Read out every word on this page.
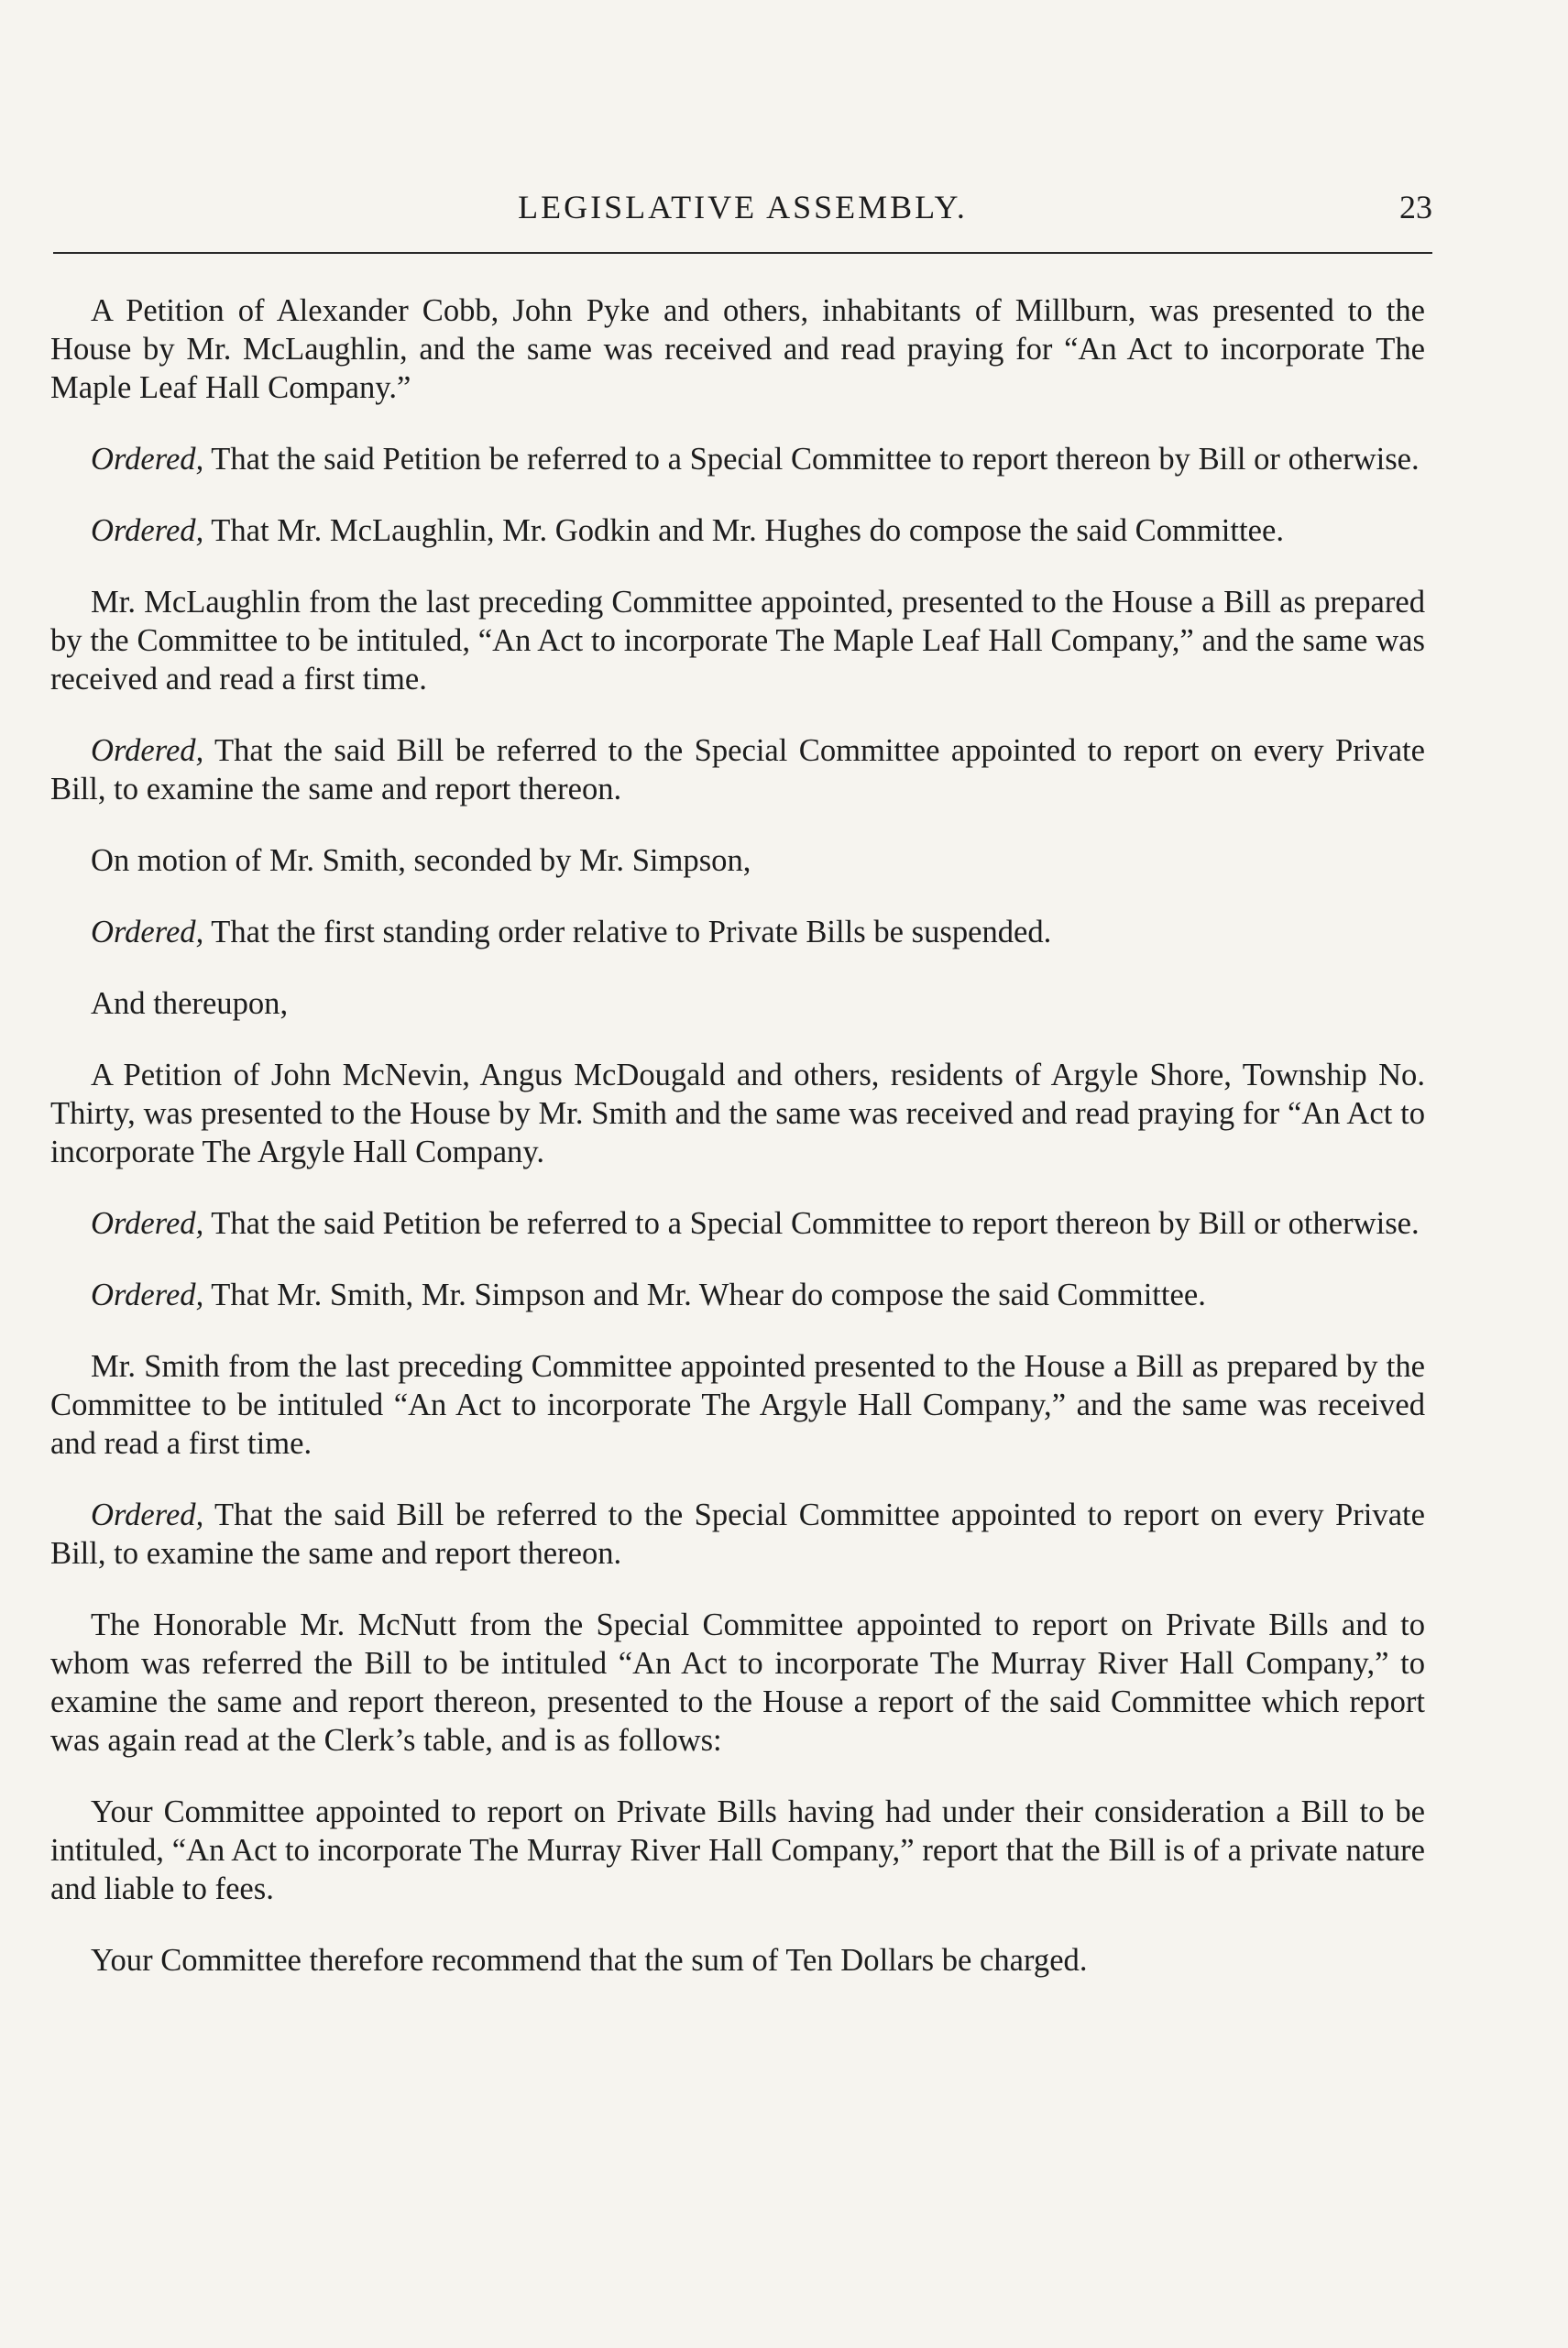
LEGISLATIVE ASSEMBLY.	23

A Petition of Alexander Cobb, John Pyke and others, inhabitants of Millburn, was presented to the House by Mr. McLaughlin, and the same was received and read praying for “An Act to incorporate The Maple Leaf Hall Company.”

Ordered, That the said Petition be referred to a Special Committee to report thereon by Bill or otherwise.

Ordered, That Mr. McLaughlin, Mr. Godkin and Mr. Hughes do compose the said Committee.

Mr. McLaughlin from the last preceding Committee appointed, presented to the House a Bill as prepared by the Committee to be intituled, “An Act to incorporate The Maple Leaf Hall Company,” and the same was received and read a first time.

Ordered, That the said Bill be referred to the Special Committee appointed to report on every Private Bill, to examine the same and report thereon.

On motion of Mr. Smith, seconded by Mr. Simpson,

Ordered, That the first standing order relative to Private Bills be suspended.

And thereupon,

A Petition of John McNevin, Angus McDougald and others, residents of Argyle Shore, Township No. Thirty, was presented to the House by Mr. Smith and the same was received and read praying for “An Act to incorporate The Argyle Hall Company.

Ordered, That the said Petition be referred to a Special Committee to report thereon by Bill or otherwise.

Ordered, That Mr. Smith, Mr. Simpson and Mr. Whear do compose the said Committee.

Mr. Smith from the last preceding Committee appointed presented to the House a Bill as prepared by the Committee to be intituled “An Act to incorporate The Argyle Hall Company,” and the same was received and read a first time.

Ordered, That the said Bill be referred to the Special Committee appointed to report on every Private Bill, to examine the same and report thereon.

The Honorable Mr. McNutt from the Special Committee appointed to report on Private Bills and to whom was referred the Bill to be intituled “An Act to incorporate The Murray River Hall Company,” to examine the same and report thereon, presented to the House a report of the said Committee which report was again read at the Clerk’s table, and is as follows:

Your Committee appointed to report on Private Bills having had under their consideration a Bill to be intituled, “An Act to incorporate The Murray River Hall Company,” report that the Bill is of a private nature and liable to fees.

Your Committee therefore recommend that the sum of Ten Dollars be charged.
